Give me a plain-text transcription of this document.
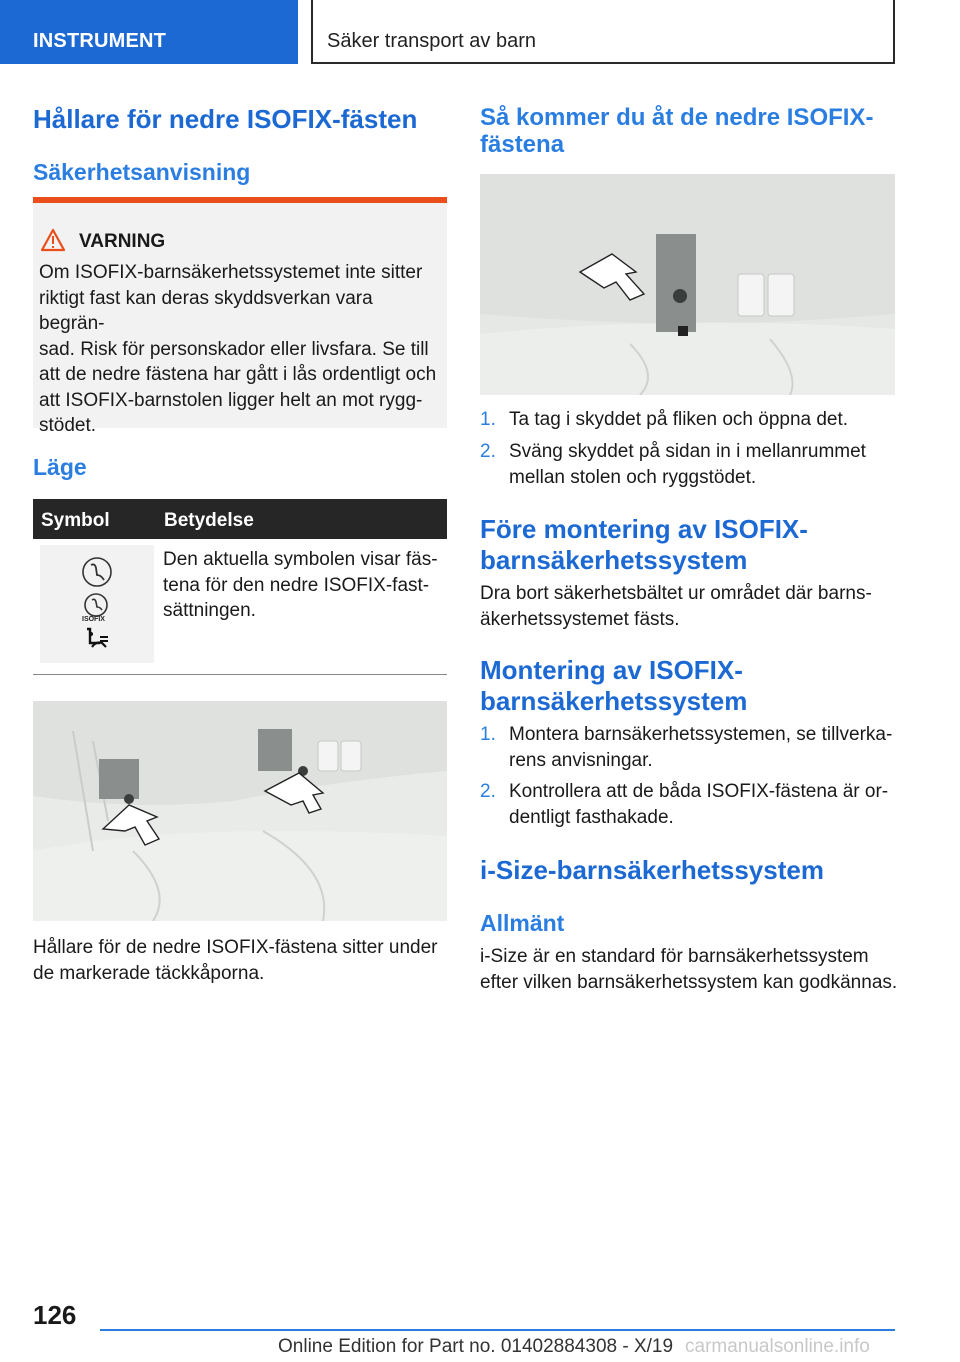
INSTRUMENT	Säker transport av barn
Hållare för nedre ISOFIX-fästen
Säkerhetsanvisning
VARNING
Om ISOFIX-barnsäkerhetssystemet inte sitter
riktigt fast kan deras skyddsverkan vara begrän-
sad. Risk för personskador eller livsfara. Se till
att de nedre fästena har gått i lås ordentligt och
att ISOFIX-barnstolen ligger helt an mot rygg-
stödet.
Läge
Symbol	Betydelse
ISOFIX
Den aktuella symbolen visar fäs-
tena för den nedre ISOFIX-fast-
sättningen.
Hållare för de nedre ISOFIX-fästena sitter under
de markerade täckkåporna.
Så kommer du åt de nedre ISOFIX-
fästena
1. Ta tag i skyddet på fliken och öppna det.
2. Sväng skyddet på sidan in i mellanrummet
mellan stolen och ryggstödet.
Före montering av ISOFIX-
barnsäkerhetssystem
Dra bort säkerhetsbältet ur området där barns-
äkerhetssystemet fästs.
Montering av ISOFIX-
barnsäkerhetssystem
1. Montera barnsäkerhetssystemen, se tillverka-
rens anvisningar.
2. Kontrollera att de båda ISOFIX-fästena är or-
dentligt fasthakade.
i-Size-barnsäkerhetssystem
Allmänt
i-Size är en standard för barnsäkerhetssystem
efter vilken barnsäkerhetssystem kan godkännas.
126
Online Edition for Part no. 01402884308 - X/19 carmanualsonline.info
